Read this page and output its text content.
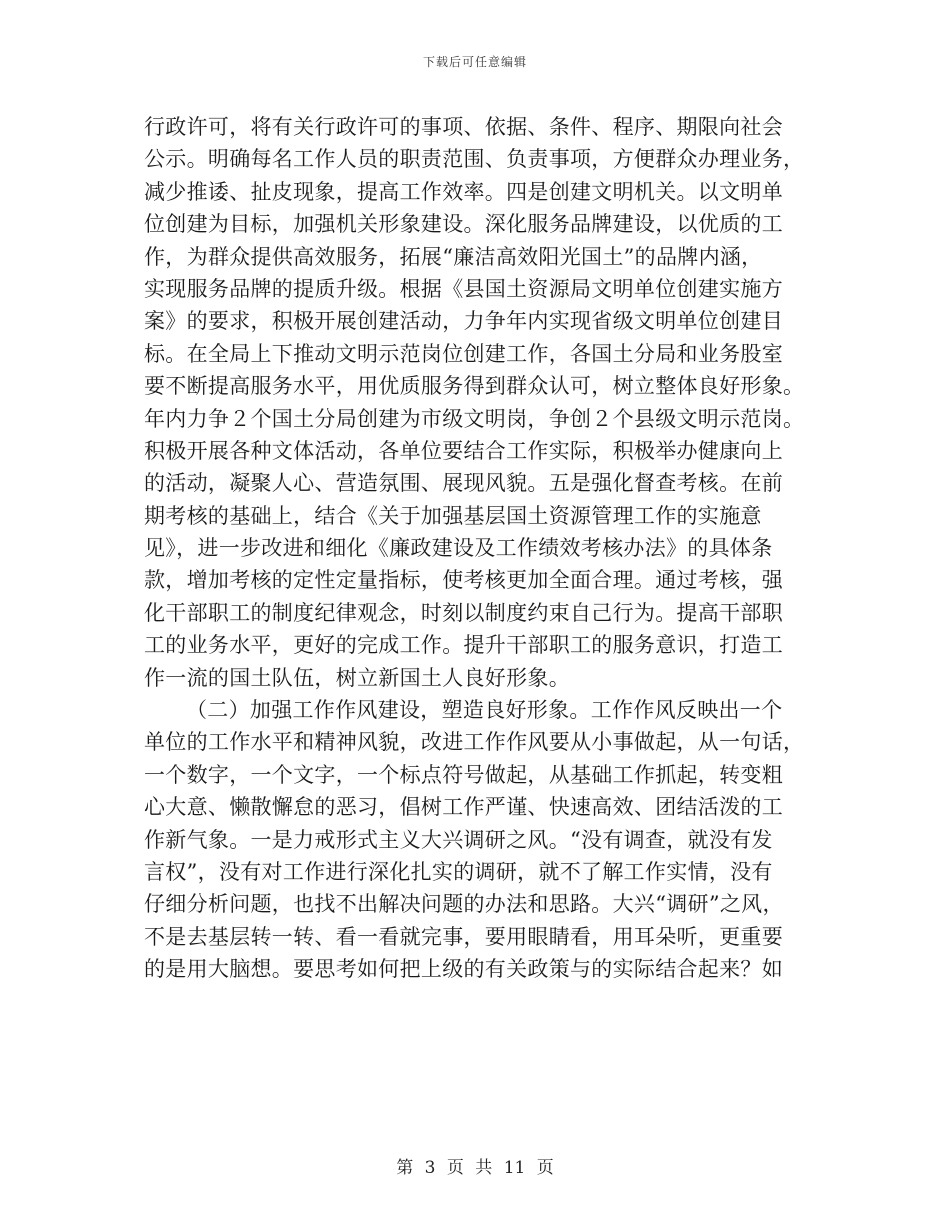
下载后可任意编辑
行政许可，将有关行政许可的事项、依据、条件、程序、期限向社会
公示。明确每名工作人员的职责范围、负责事项，方便群众办理业务，
减少推诿、扯皮现象，提高工作效率。四是创建文明机关。以文明单
位创建为目标，加强机关形象建设。深化服务品牌建设，以优质的工
作，为群众提供高效服务，拓展“廉洁高效阳光国土”的品牌内涵，
实现服务品牌的提质升级。根据《县国土资源局文明单位创建实施方
案》的要求，积极开展创建活动，力争年内实现省级文明单位创建目
标。在全局上下推动文明示范岗位创建工作，各国土分局和业务股室
要不断提高服务水平，用优质服务得到群众认可，树立整体良好形象。
年内力争２个国土分局创建为市级文明岗，争创２个县级文明示范岗。
积极开展各种文体活动，各单位要结合工作实际，积极举办健康向上
的活动，凝聚人心、营造氛围、展现风貌。五是强化督查考核。在前
期考核的基础上，结合《关于加强基层国土资源管理工作的实施意
见》，进一步改进和细化《廉政建设及工作绩效考核办法》的具体条
款，增加考核的定性定量指标，使考核更加全面合理。通过考核，强
化干部职工的制度纪律观念，时刻以制度约束自己行为。提高干部职
工的业务水平，更好的完成工作。提升干部职工的服务意识，打造工
作一流的国土队伍，树立新国土人良好形象。
（二）加强工作作风建设，塑造良好形象。工作作风反映出一个
单位的工作水平和精神风貌，改进工作作风要从小事做起，从一句话，
一个数字，一个文字，一个标点符号做起，从基础工作抓起，转变粗
心大意、懒散懈怠的恶习，倡树工作严谨、快速高效、团结活泼的工
作新气象。一是力戒形式主义大兴调研之风。“没有调查，就没有发
言权”，没有对工作进行深化扎实的调研，就不了解工作实情，没有
仔细分析问题，也找不出解决问题的办法和思路。大兴“调研”之风，
不是去基层转一转、看一看就完事，要用眼睛看，用耳朵听，更重要
的是用大脑想。要思考如何把上级的有关政策与的实际结合起来？如
第 3 页 共 11 页
